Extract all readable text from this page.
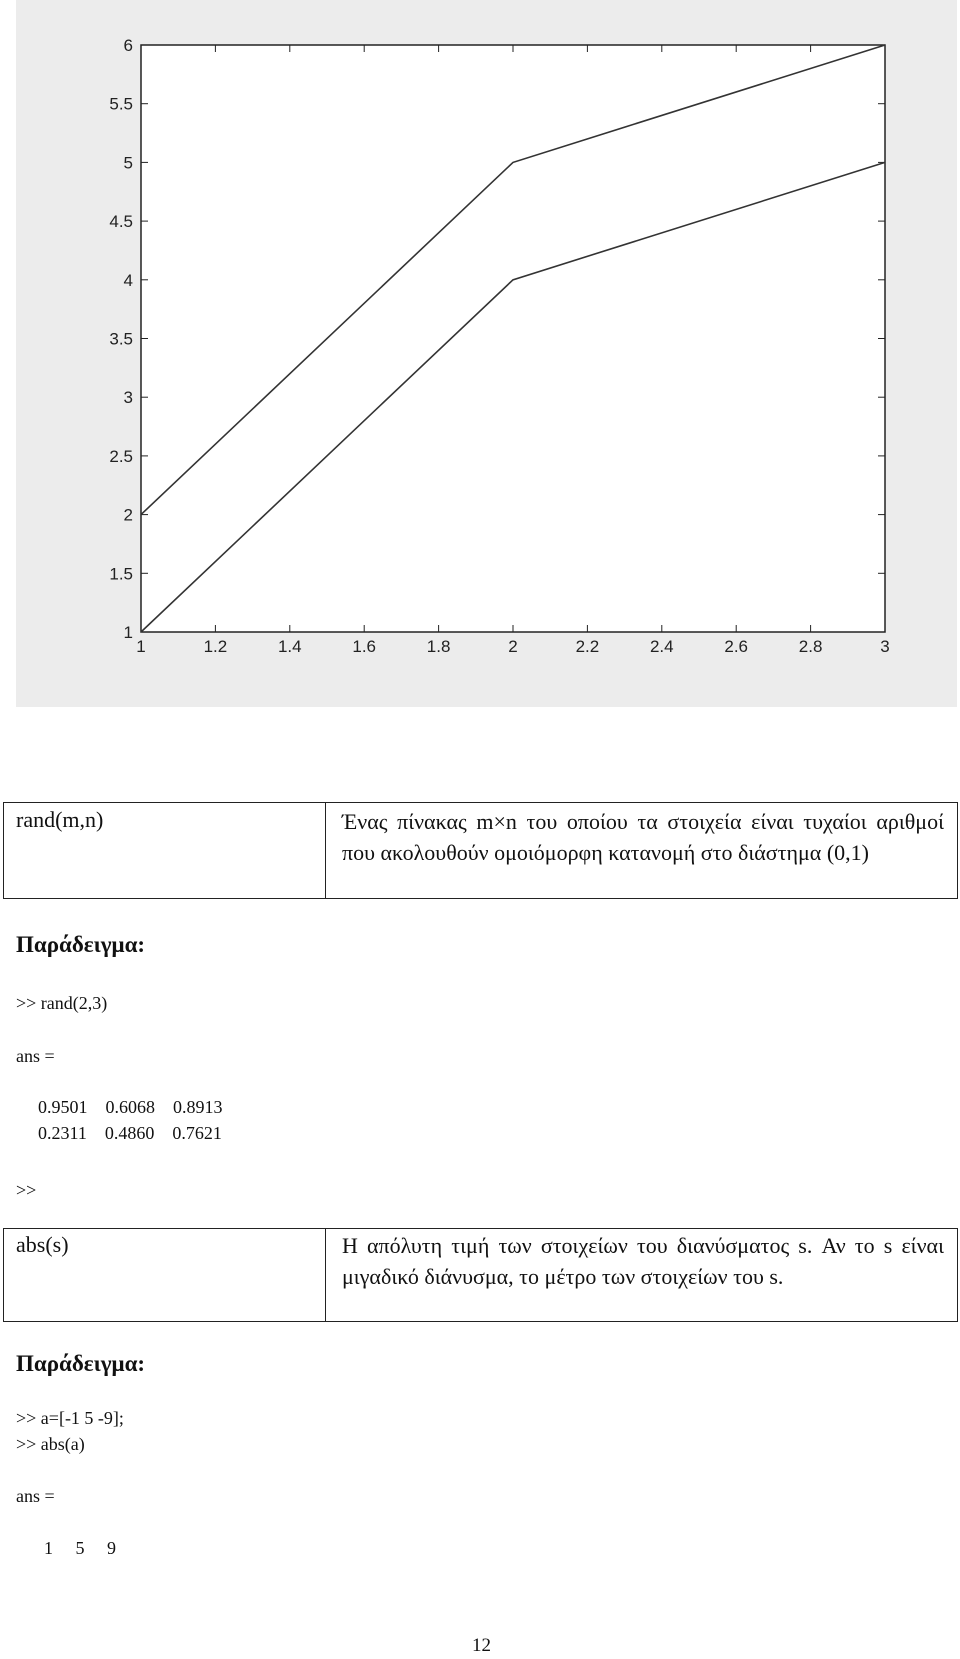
1	1.2	1.4	1.6	1.8	2	2.2	2.4	2.6	2.8	3
1
1.5
2
2.5
3
3.5
4
4.5
5
5.5
6
rand(m,n)	Ένας πίνακας m×n του οποίου τα στοιχεία είναι τυχαίοι αριθμοί που ακολουθούν ομοιόμορφη κατανομή στο διάστημα (0,1)
Παράδειγμα:
>> rand(2,3)
ans =
0.9501    0.6068    0.8913
0.2311    0.4860    0.7621
>>
abs(s)	Η απόλυτη τιμή των στοιχείων του διανύσματος s. Αν το s είναι μιγαδικό διάνυσμα, το μέτρο των στοιχείων του s.
Παράδειγμα:
>> a=[-1 5 -9];
>> abs(a)
ans =
1     5     9
12
